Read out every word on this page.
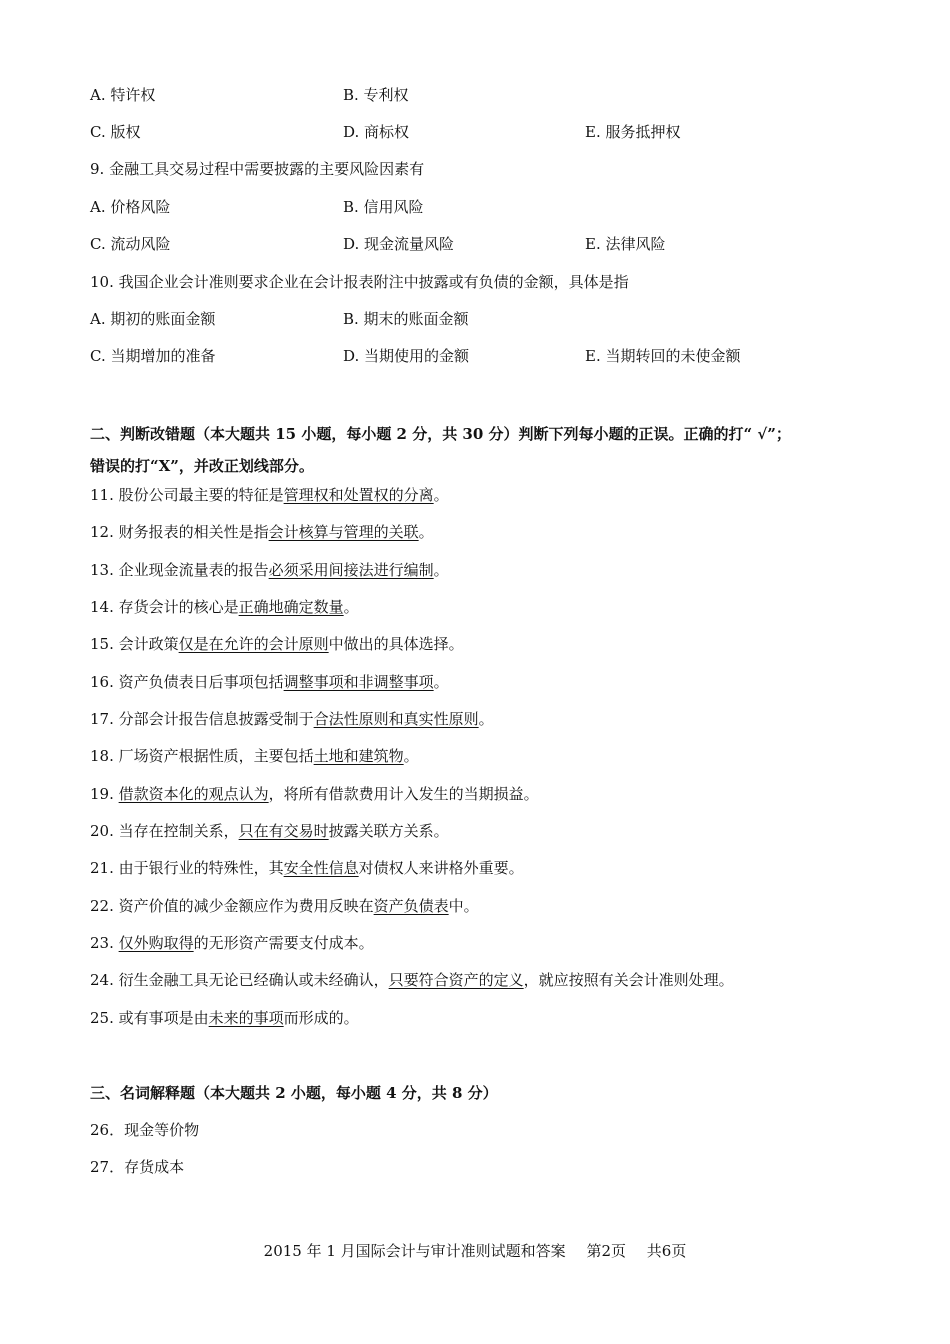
A. 特许权	B. 专利权
C. 版权	D. 商标权	E. 服务抵押权
9. 金融工具交易过程中需要披露的主要风险因素有
A. 价格风险	B. 信用风险
C. 流动风险	D. 现金流量风险	E. 法律风险
10. 我国企业会计准则要求企业在会计报表附注中披露或有负债的金额，具体是指
A. 期初的账面金额	B. 期末的账面金额
C. 当期增加的准备	D. 当期使用的金额	E. 当期转回的未使金额
二、判断改错题（本大题共 15 小题，每小题 2 分，共 30 分）判断下列每小题的正误。正确的打“ √”；
错误的打“X”，并改正划线部分。
11. 股份公司最主要的特征是管理权和处置权的分离。
12. 财务报表的相关性是指会计核算与管理的关联。
13. 企业现金流量表的报告必须采用间接法进行编制。
14. 存货会计的核心是正确地确定数量。
15. 会计政策仅是在允许的会计原则中做出的具体选择。
16. 资产负债表日后事项包括调整事项和非调整事项。
17. 分部会计报告信息披露受制于合法性原则和真实性原则。
18. 厂场资产根据性质，主要包括土地和建筑物。
19. 借款资本化的观点认为，将所有借款费用计入发生的当期损益。
20. 当存在控制关系，只在有交易时披露关联方关系。
21. 由于银行业的特殊性，其安全性信息对债权人来讲格外重要。
22. 资产价值的减少金额应作为费用反映在资产负债表中。
23. 仅外购取得的无形资产需要支付成本。
24. 衍生金融工具无论已经确认或未经确认，只要符合资产的定义，就应按照有关会计准则处理。
25. 或有事项是由未来的事项而形成的。
三、名词解释题（本大题共 2 小题，每小题 4 分，共 8 分）
26．现金等价物
27．存货成本
2015 年 1 月国际会计与审计准则试题和答案 第2页 共6页
